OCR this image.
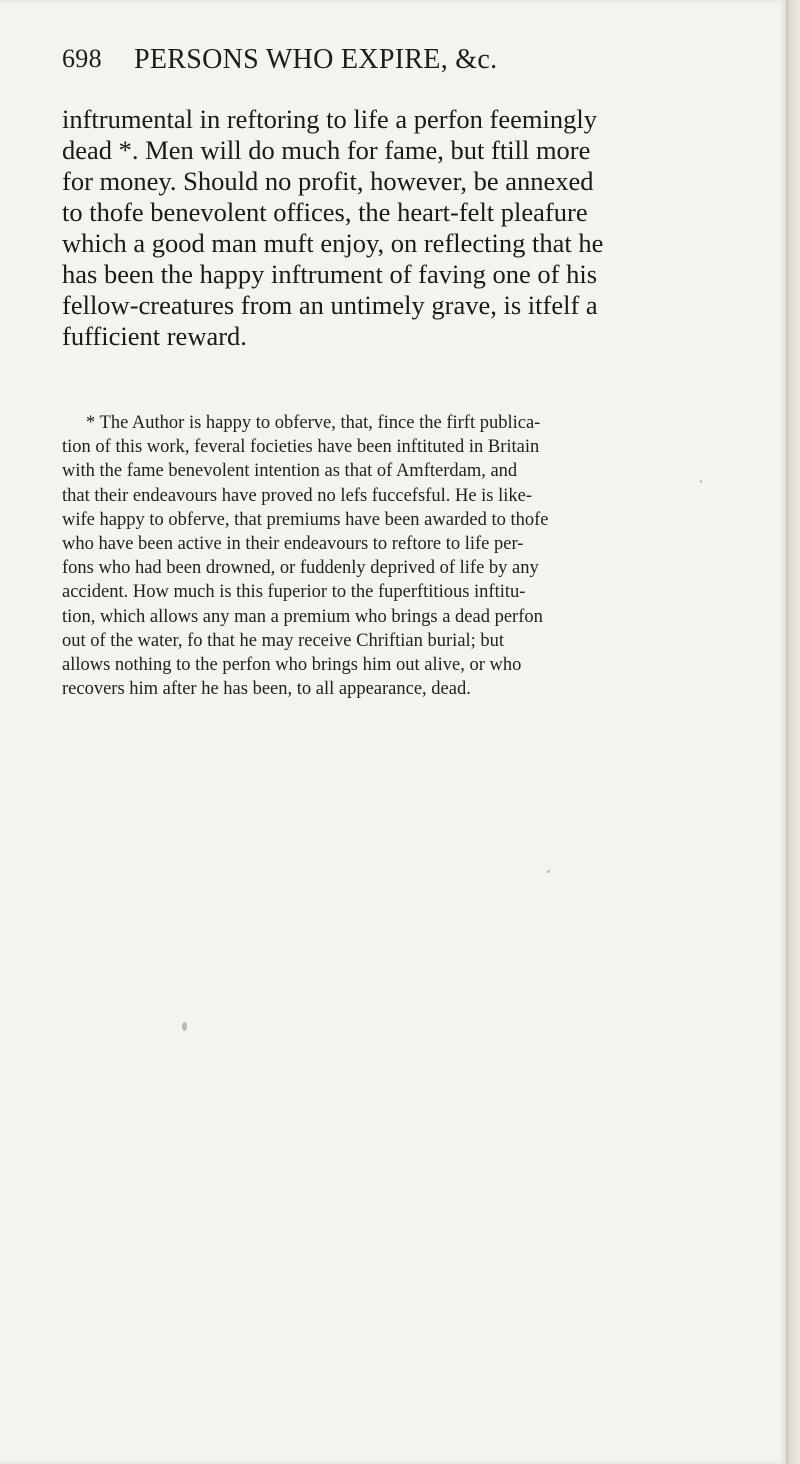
698 PERSONS WHO EXPIRE, &c.
inftrumental in reftoring to life a perfon feemingly
dead *. Men will do much for fame, but ftill more
for money. Should no profit, however, be annexed
to thofe benevolent offices, the heart-felt pleafure
which a good man muft enjoy, on reflecting that he
has been the happy inftrument of faving one of his
fellow-creatures from an untimely grave, is itfelf a
fufficient reward.
* The Author is happy to obferve, that, fince the firft publica-
tion of this work, feveral focieties have been inftituted in Britain
with the fame benevolent intention as that of Amfterdam, and
that their endeavours have proved no lefs fuccefsful. He is like-
wife happy to obferve, that premiums have been awarded to thofe
who have been active in their endeavours to reftore to life per-
fons who had been drowned, or fuddenly deprived of life by any
accident. How much is this fuperior to the fuperftitious inftitu-
tion, which allows any man a premium who brings a dead perfon
out of the water, fo that he may receive Chriftian burial; but
allows nothing to the perfon who brings him out alive, or who
recovers him after he has been, to all appearance, dead.
